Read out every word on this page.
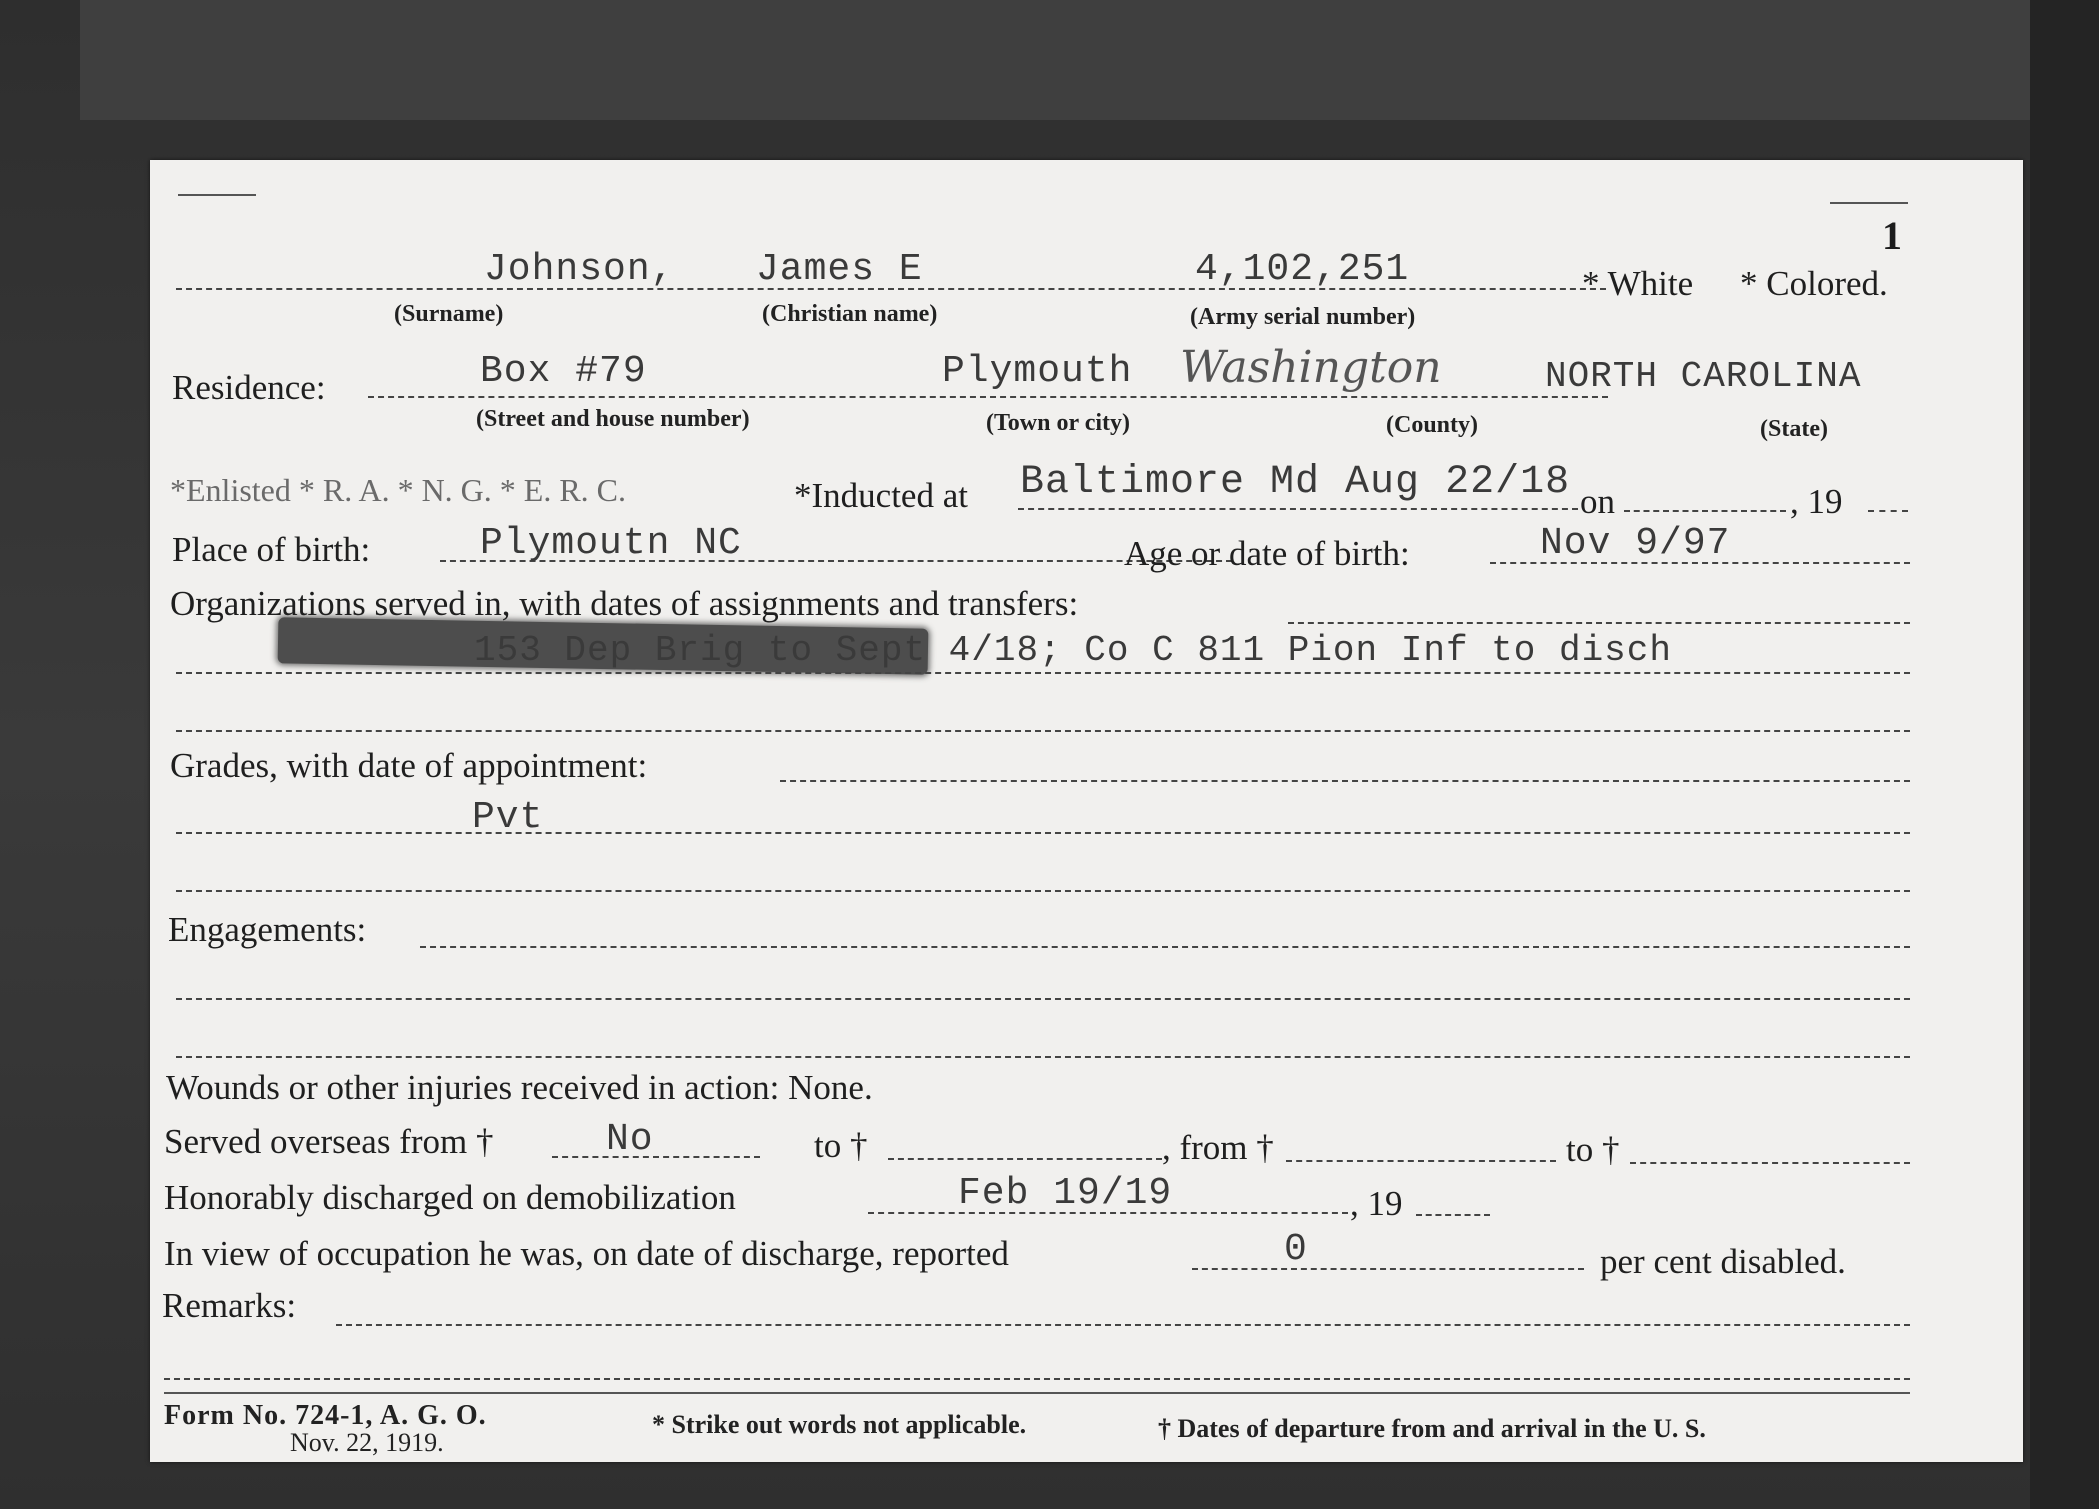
1
Johnson, James E	4,102,251	* White * Colored.
(Surname)	(Christian name)	(Army serial number)
Residence:	Box #79	Plymouth Washington	NORTH CAROLINA
(Street and house number)	(Town or city)	(County)	(State)
*Enlisted * R. A. * N. G. * E. R. C.	*Inducted at Baltimore Md Aug 22/18 on	, 19
Place of birth:	Plymoutn NC	Age or date of birth:	Nov 9/97
Organizations served in, with dates of assignments and transfers:
153 Dep Brig to Sept 4/18; Co C 811 Pion Inf to disch
Grades, with date of appointment:
Pvt
Engagements:
Wounds or other injuries received in action: None.
Served overseas from †	No	to †	, from †	to †
Honorably discharged on demobilization	Feb 19/19	, 19
In view of occupation he was, on date of discharge, reported	0	per cent disabled.
Remarks:
Form No. 724-1, A. G. O.
Nov. 22, 1919.
* Strike out words not applicable.	† Dates of departure from and arrival in the U. S.
